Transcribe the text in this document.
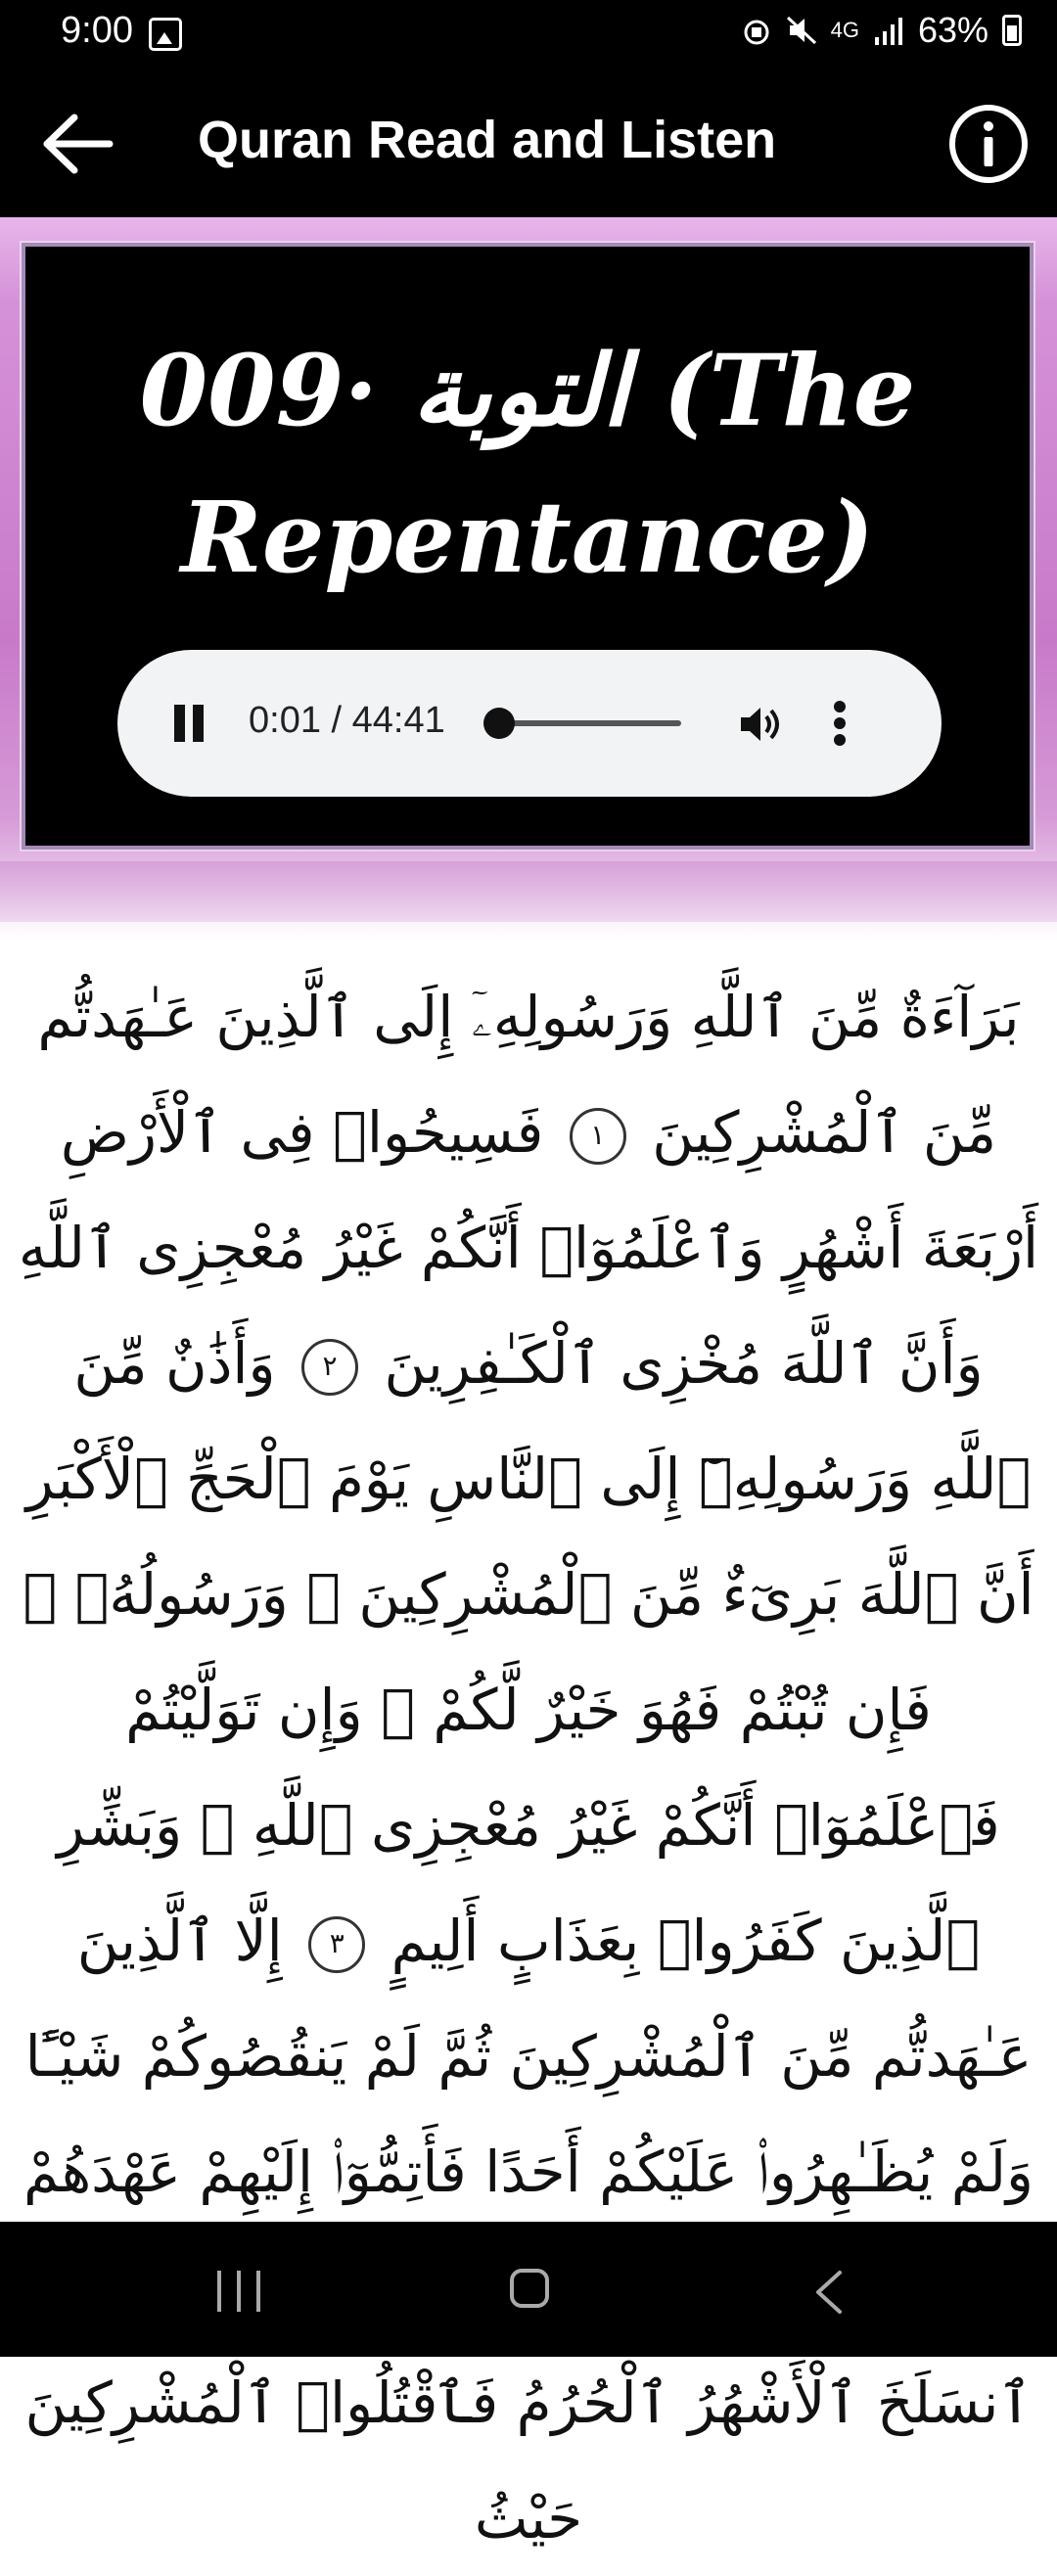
9:00	4G 63%
Quran Read and Listen
009· التوبة (The Repentance)
0:01 / 44:41
بَرَآءَةٌ مِّنَ ٱللَّهِ وَرَسُولِهِۦٓ إِلَى ٱلَّذِينَ عَـٰهَدتُّم مِّنَ ٱلْمُشْرِكِينَ ١ فَسِيحُوا۟ فِى ٱلْأَرْضِ أَرْبَعَةَ أَشْهُرٍ وَٱعْلَمُوٓا۟ أَنَّكُمْ غَيْرُ مُعْجِزِى ٱللَّهِ وَأَنَّ ٱللَّهَ مُخْزِى ٱلْكَـٰفِرِينَ ٢ وَأَذَٰنٌ مِّنَ ٱللَّهِ وَرَسُولِهِۦٓ إِلَى ٱلنَّاسِ يَوْمَ ٱلْحَجِّ ٱلْأَكْبَرِ أَنَّ ٱللَّهَ بَرِىٓءٌ مِّنَ ٱلْمُشْرِكِينَ ۙ وَرَسُولُهُۥ ۚ فَإِن تُبْتُمْ فَهُوَ خَيْرٌ لَّكُمْ ۖ وَإِن تَوَلَّيْتُمْ فَٱعْلَمُوٓا۟ أَنَّكُمْ غَيْرُ مُعْجِزِى ٱللَّهِ ۗ وَبَشِّرِ ٱلَّذِينَ كَفَرُوا۟ بِعَذَابٍ أَلِيمٍ ٣ إِلَّا ٱلَّذِينَ عَـٰهَدتُّم مِّنَ ٱلْمُشْرِكِينَ ثُمَّ لَمْ يَنقُصُوكُمْ شَيْـًٔا وَلَمْ يُظَـٰهِرُوا۟ عَلَيْكُمْ أَحَدًا فَأَتِمُّوٓا۟ إِلَيْهِمْ عَهْدَهُمْ  ٱنسَلَخَ ٱلْأَشْهُرُ ٱلْحُرُمُ فَٱقْتُلُوا۟ ٱلْمُشْرِكِينَ حَيْثُ
